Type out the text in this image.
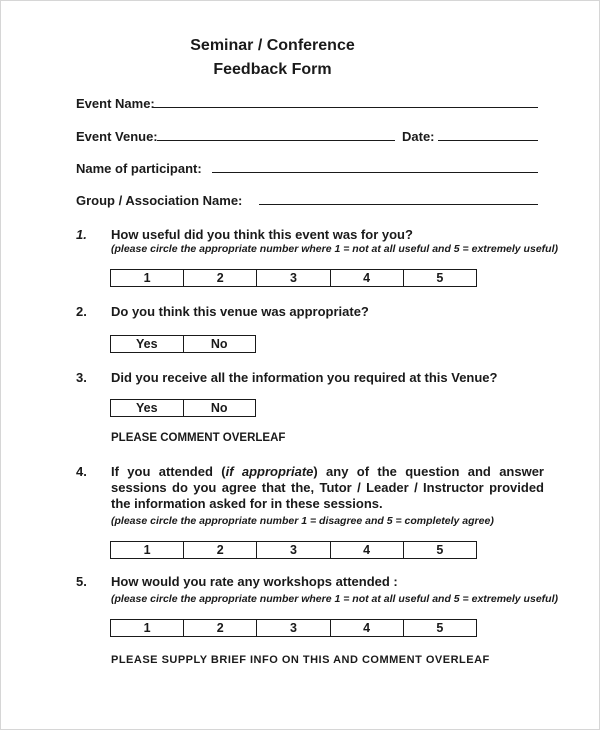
Seminar / Conference
Feedback Form
Event Name:
Event Venue:	Date:
Name of participant:
Group / Association Name:
1. How useful did you think this event was for you?
(please circle the appropriate number where 1 = not at all useful and 5 = extremely useful)
1	2	3	4	5
2. Do you think this venue was appropriate?
Yes	No
3. Did you receive all the information you required at this Venue?
Yes	No
PLEASE COMMENT OVERLEAF
4. If you attended (if appropriate) any of the question and answer sessions do you agree that the, Tutor / Leader / Instructor provided the information asked for in these sessions.
(please circle the appropriate number 1 = disagree and 5 = completely agree)
1	2	3	4	5
5. How would you rate any workshops attended :
(please circle the appropriate number where 1 = not at all useful and 5 = extremely useful)
1	2	3	4	5
PLEASE SUPPLY BRIEF INFO ON THIS AND COMMENT OVERLEAF
